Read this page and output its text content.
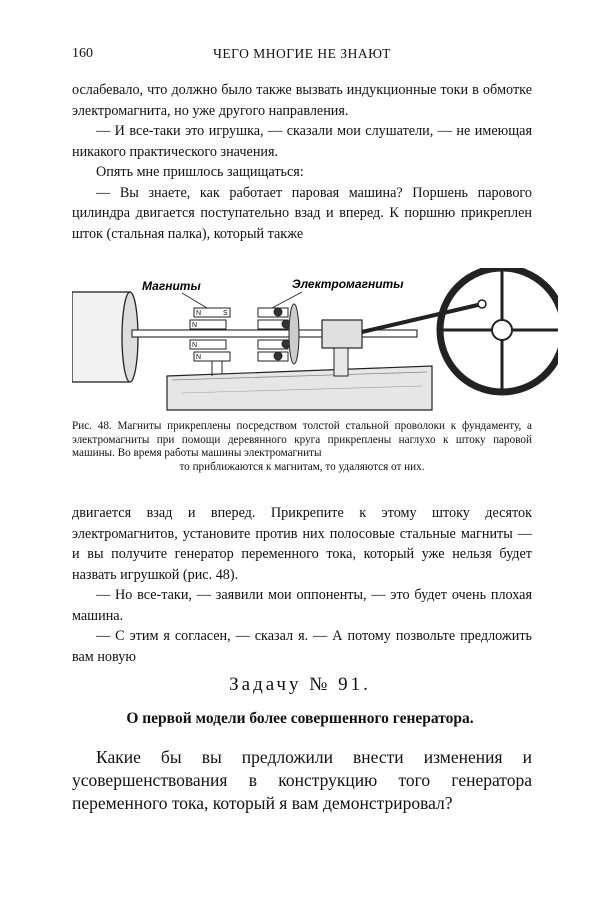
160	ЧЕГО МНОГИЕ НЕ ЗНАЮТ

ослабевало, что должно было также вызвать индукционные токи в обмотке электромагнита, но уже другого направления.

— И все-таки это игрушка, — сказали мои слушатели, — не имеющая никакого практического значения.

Опять мне пришлось защищаться:

— Вы знаете, как работает паровая машина? Поршень парового цилиндра двигается поступательно взад и вперед. К поршню прикреплен шток (стальная палка), который также

N	S
N
N
N
Магниты	Электромагниты
Рис. 48. Магниты прикреплены посредством толстой стальной проволоки к фундаменту, а электромагниты при помощи деревянного круга прикреплены наглухо к штоку паровой машины. Во время работы машины электромагниты
то приближаются к магнитам, то удаляются от них.

двигается взад и вперед. Прикрепите к этому штоку десяток электромагнитов, установите против них полосовые стальные магниты — и вы получите генератор переменного тока, который уже нельзя будет назвать игрушкой (рис. 48).

— Но все-таки, — заявили мои оппоненты, — это будет очень плохая машина.

— С этим я согласен, — сказал я. — А потому позвольте предложить вам новую

Задачу № 91.
О первой модели более совершенного генератора.

Какие бы вы предложили внести изменения и усовершенствования в конструкцию того генератора переменного тока, который я вам демонстрировал?
